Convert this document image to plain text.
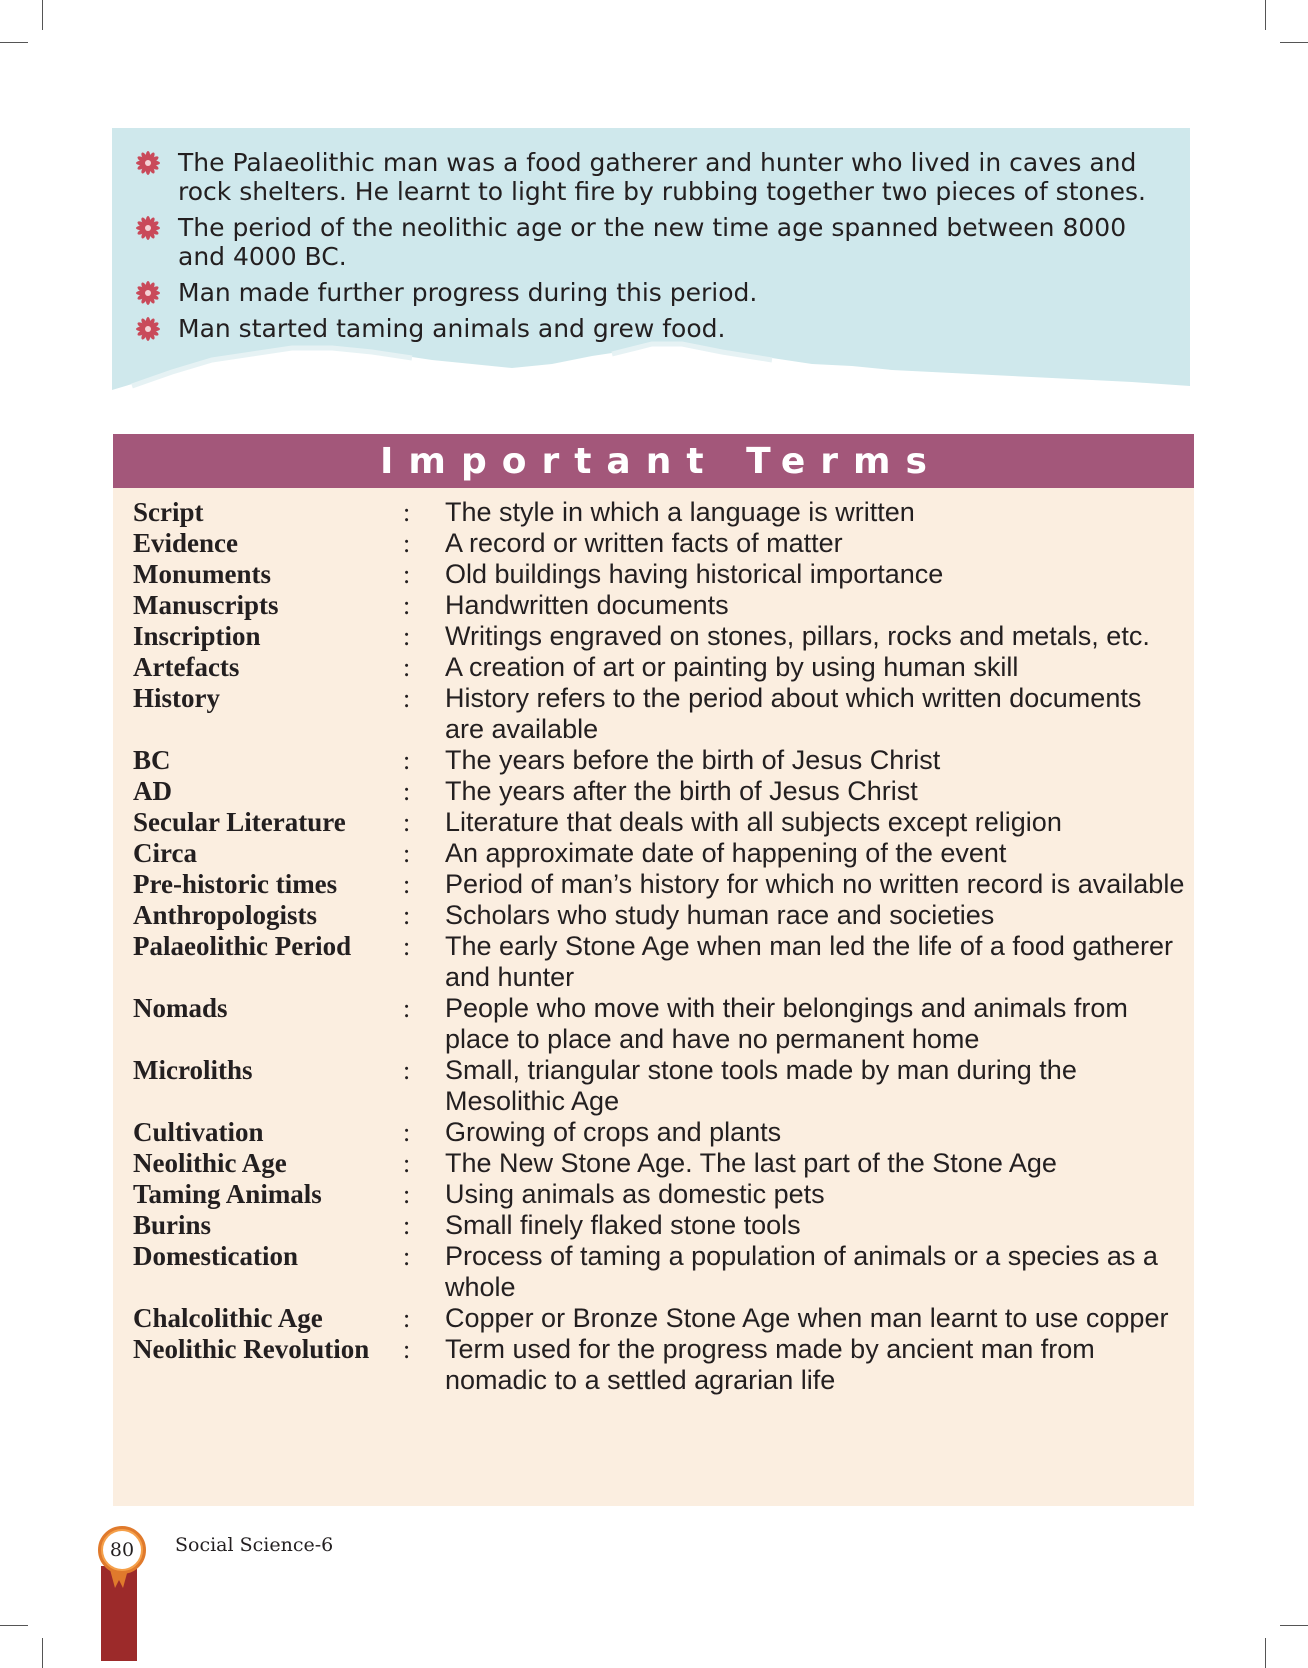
The Palaeolithic man was a food gatherer and hunter who lived in caves and rock shelters. He learnt to light fire by rubbing together two pieces of stones.
The period of the neolithic age or the new time age spanned between 8000 and 4000 BC.
Man made further progress during this period.
Man started taming animals and grew food.
Important Terms
Script	:	The style in which a language is written
Evidence	:	A record or written facts of matter
Monuments	:	Old buildings having historical importance
Manuscripts	:	Handwritten documents
Inscription	:	Writings engraved on stones, pillars, rocks and metals, etc.
Artefacts	:	A creation of art or painting by using human skill
History	:	History refers to the period about which written documents are available
BC	:	The years before the birth of Jesus Christ
AD	:	The years after the birth of Jesus Christ
Secular Literature	:	Literature that deals with all subjects except religion
Circa	:	An approximate date of happening of the event
Pre-historic times	:	Period of man’s history for which no written record is available
Anthropologists	:	Scholars who study human race and societies
Palaeolithic Period	:	The early Stone Age when man led the life of a food gatherer and hunter
Nomads	:	People who move with their belongings and animals from place to place and have no permanent home
Microliths	:	Small, triangular stone tools made by man during the Mesolithic Age
Cultivation	:	Growing of crops and plants
Neolithic Age	:	The New Stone Age. The last part of the Stone Age
Taming Animals	:	Using animals as domestic pets
Burins	:	Small finely flaked stone tools
Domestication	:	Process of taming a population of animals or a species as a whole
Chalcolithic Age	:	Copper or Bronze Stone Age when man learnt to use copper
Neolithic Revolution	:	Term used for the progress made by ancient man from nomadic to a settled agrarian life
80	Social Science-6
